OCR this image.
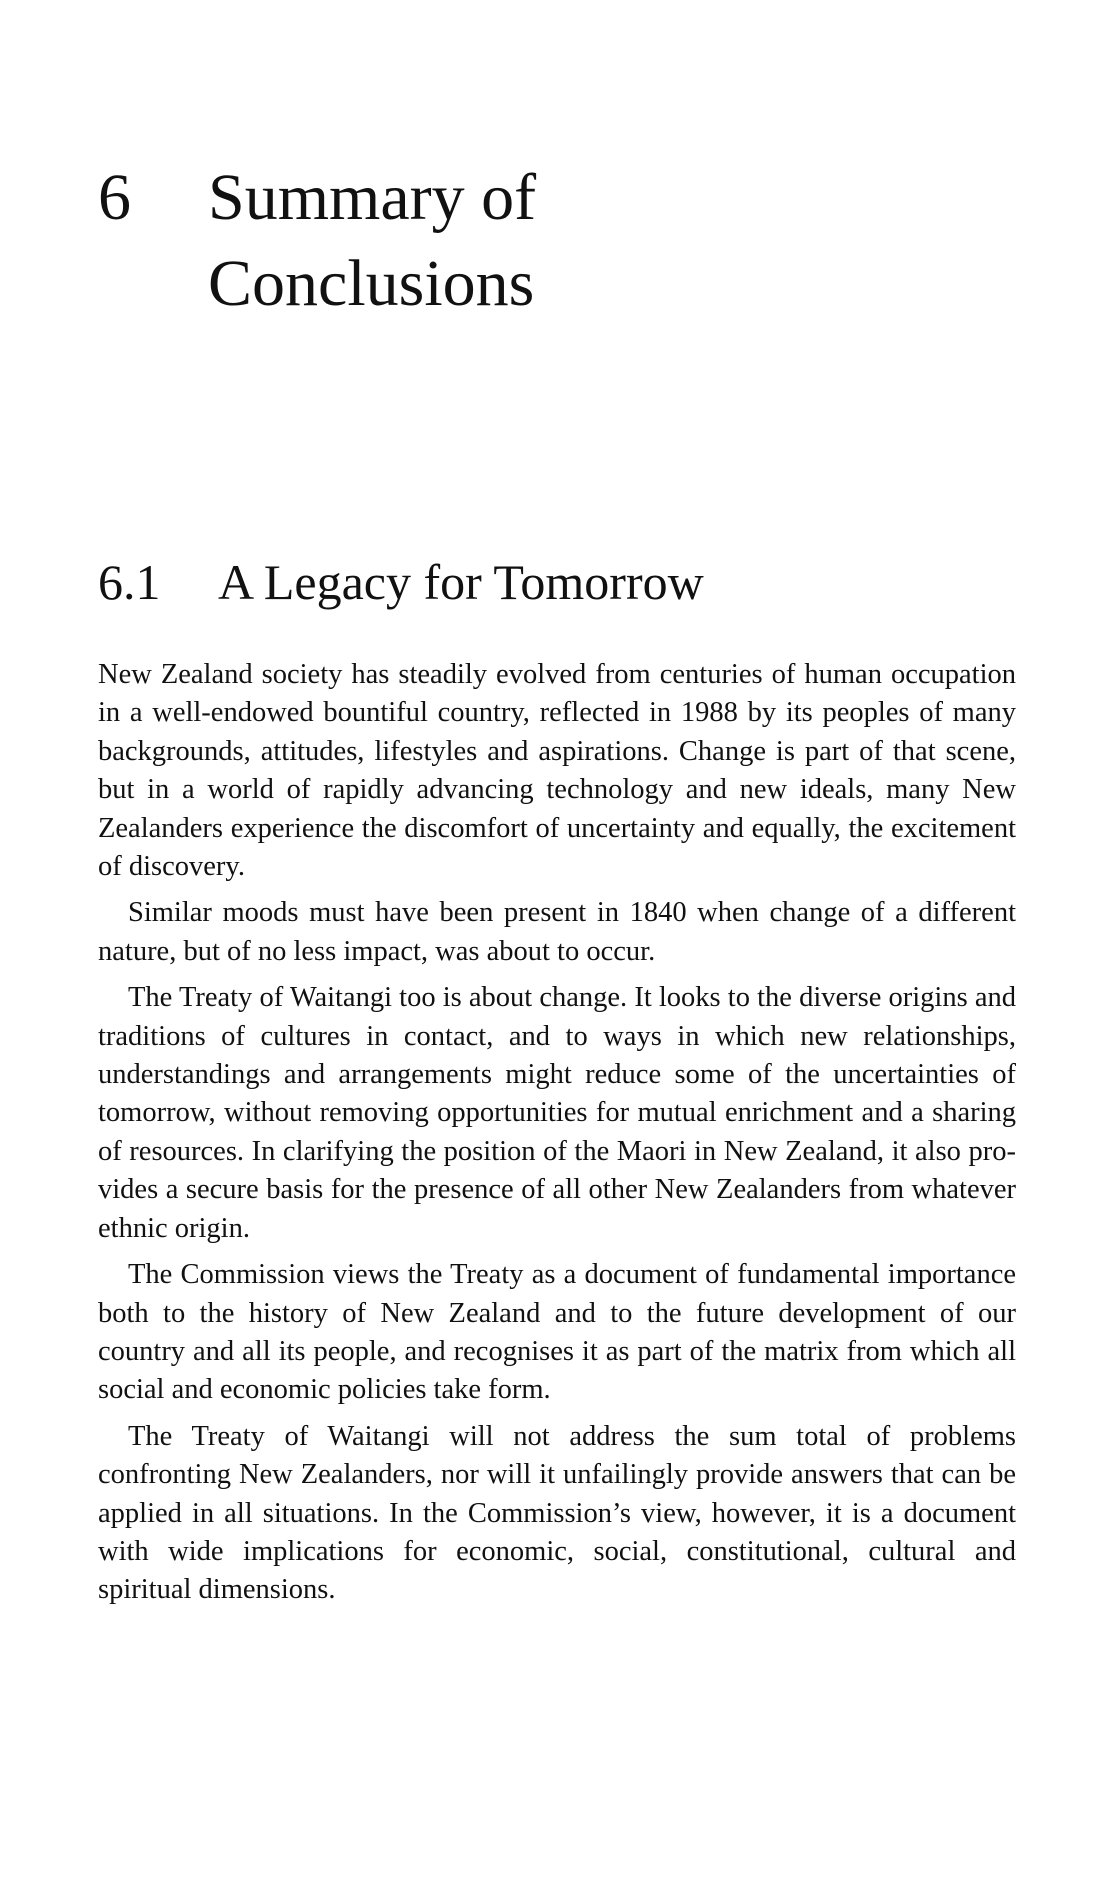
6 Summary of Conclusions
6.1 A Legacy for Tomorrow

New Zealand society has steadily evolved from centuries of human occupation in a well-endowed bountiful country, reflected in 1988 by its peoples of many backgrounds, attitudes, lifestyles and aspirations. Change is part of that scene, but in a world of rapidly advancing technology and new ideals, many New Zealanders experience the discomfort of uncertainty and equally, the excitement of discovery.

Similar moods must have been present in 1840 when change of a different nature, but of no less impact, was about to occur.

The Treaty of Waitangi too is about change. It looks to the diverse origins and traditions of cultures in contact, and to ways in which new relationships, understandings and arrangements might reduce some of the uncertainties of tomorrow, without removing opportunities for mutual enrichment and a sharing of resources. In clarifying the position of the Maori in New Zealand, it also provides a secure basis for the presence of all other New Zealanders from whatever ethnic origin.

The Commission views the Treaty as a document of fundamental importance both to the history of New Zealand and to the future development of our country and all its people, and recognises it as part of the matrix from which all social and economic policies take form.

The Treaty of Waitangi will not address the sum total of problems confronting New Zealanders, nor will it unfailingly provide answers that can be applied in all situations. In the Commission’s view, however, it is a document with wide implications for economic, social, constitutional, cultural and spiritual dimensions.
